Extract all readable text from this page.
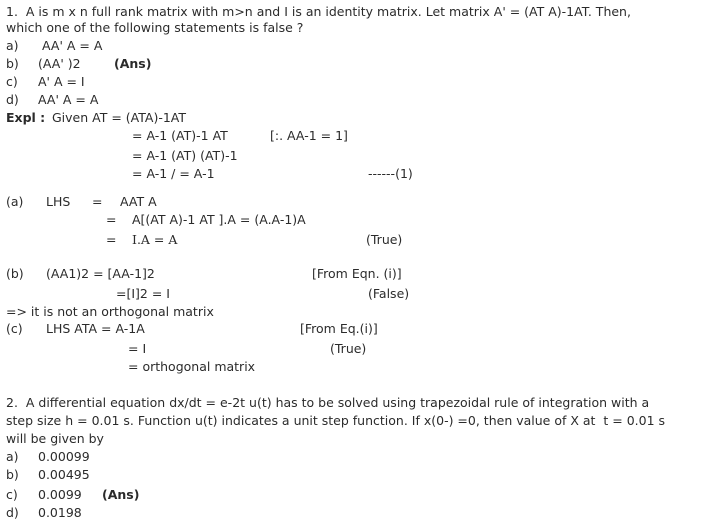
1.  A is m x n full rank matrix with m>n and I is an identity matrix. Let matrix A' = (AT A)-1AT. Then,
which one of the following statements is false ?
a) AA' A = A
b) (AA' )2	(Ans)
c) A' A = I
d) AA' A = A
Expl : Given AT = (ATA)-1AT
= A-1 (AT)-1 AT	[:. AA-1 = 1]
= A-1 (AT) (AT)-1
= A-1 / = A-1	------(1)
(a) LHS = AAT A
= A[(AT A)-1 AT ].A = (A.A-1)A
= I.A = A	(True)
(b) (AA1)2 = [AA-1]2	[From Eqn. (i)]
=[I]2 = I	(False)
=> it is not an orthogonal matrix
(c) LHS ATA = A-1A	[From Eq.(i)]
= I	(True)
= orthogonal matrix
2.  A differential equation dx/dt = e-2t u(t) has to be solved using trapezoidal rule of integration with a
step size h = 0.01 s. Function u(t) indicates a unit step function. If x(0-) =0, then value of X at  t = 0.01 s
will be given by
a) 0.00099
b) 0.00495
c) 0.0099 (Ans)
d) 0.0198
